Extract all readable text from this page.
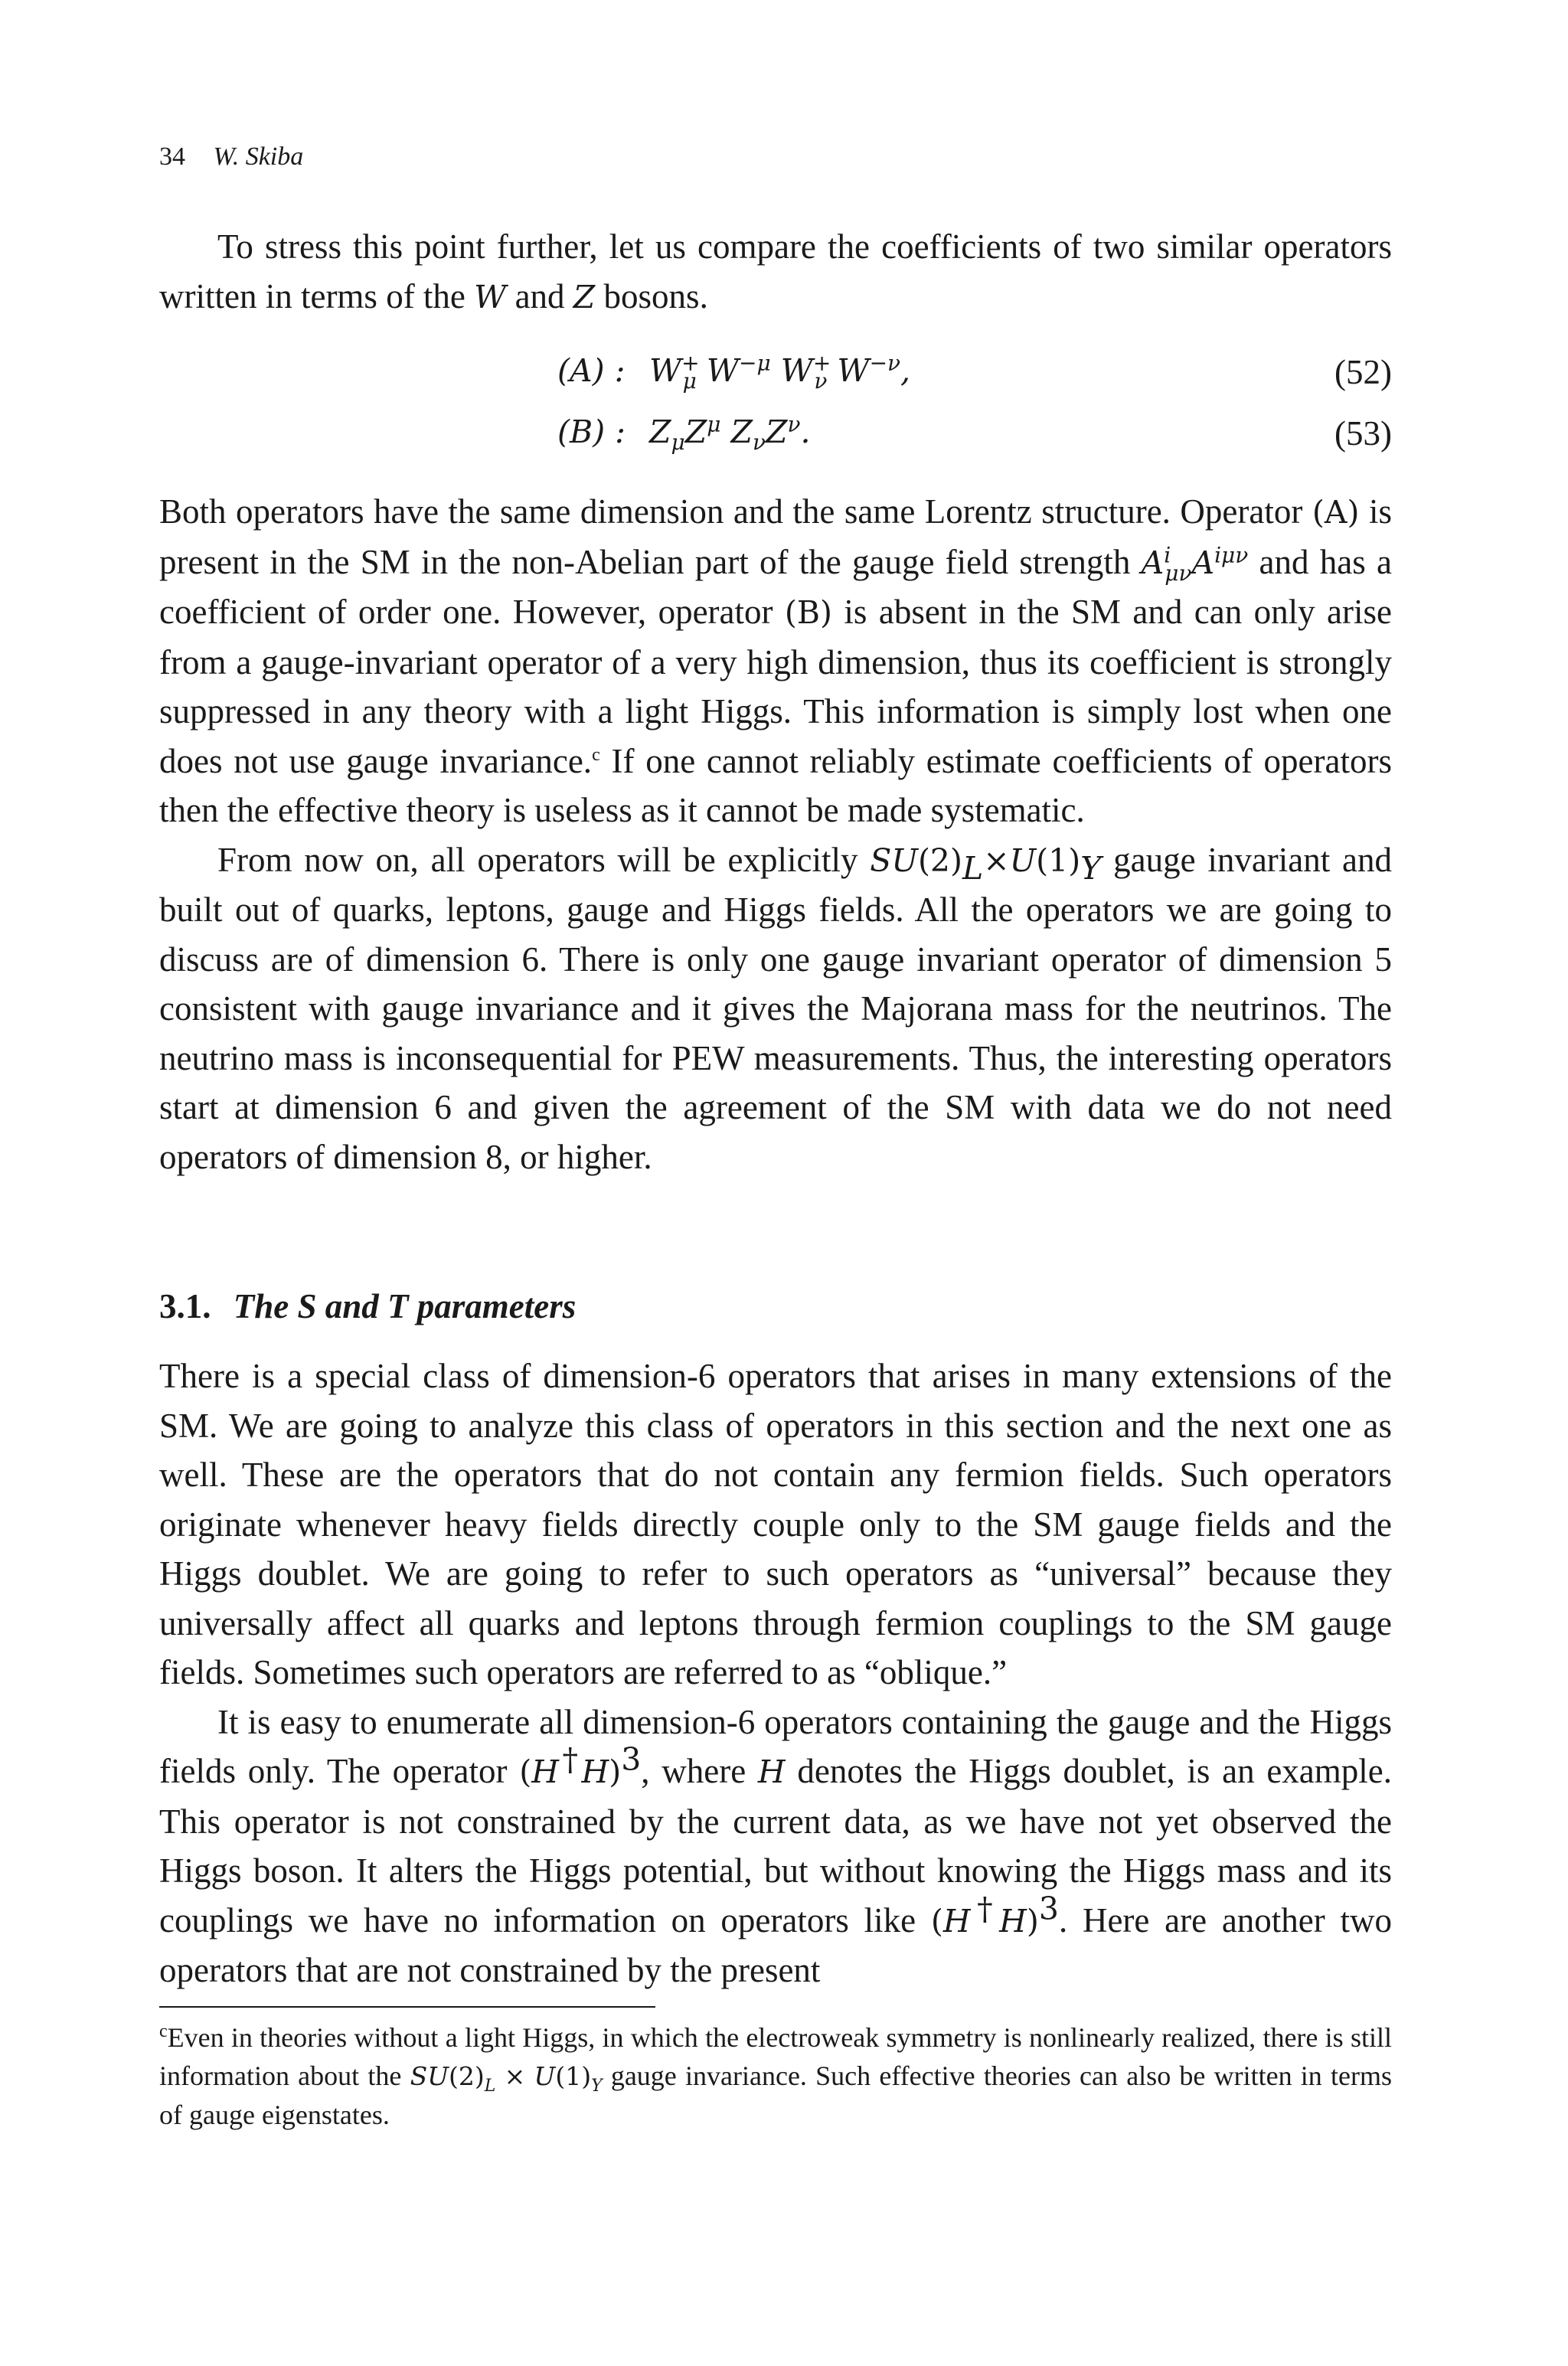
34 W. Skiba

To stress this point further, let us compare the coefficients of two similar operators written in terms of the W and Z bosons.

(A) : $W^+_\mu$ $W^{-\mu}$ $W^+_\nu$ $W^{-\nu}$,	(52)
(B) : $Z_\mu Z^\mu$ $Z_\nu Z^\nu$.	(53)

Both operators have the same dimension and the same Lorentz structure. Operator (A) is present in the SM in the non-Abelian part of the gauge field strength $A^i_{\mu\nu}A^{i\mu\nu}$ and has a coefficient of order one. However, operator (B) is absent in the SM and can only arise from a gauge-invariant operator of a very high dimension, thus its coefficient is strongly suppressed in any theory with a light Higgs. This information is simply lost when one does not use gauge invariance.$^c$ If one cannot reliably estimate coefficients of operators then the effective theory is useless as it cannot be made systematic.

From now on, all operators will be explicitly $SU(2)_L\times U(1)_Y$ gauge invariant and built out of quarks, leptons, gauge and Higgs fields. All the operators we are going to discuss are of dimension 6. There is only one gauge invariant operator of dimension 5 consistent with gauge invariance and it gives the Majorana mass for the neutrinos. The neutrino mass is inconsequential for PEW measurements. Thus, the interesting operators start at dimension 6 and given the agreement of the SM with data we do not need operators of dimension 8, or higher.

3.1. The S and T parameters

There is a special class of dimension-6 operators that arises in many extensions of the SM. We are going to analyze this class of operators in this section and the next one as well. These are the operators that do not contain any fermion fields. Such operators originate whenever heavy fields directly couple only to the SM gauge fields and the Higgs doublet. We are going to refer to such operators as “universal” because they universally affect all quarks and leptons through fermion couplings to the SM gauge fields. Sometimes such operators are referred to as “oblique.”

It is easy to enumerate all dimension-6 operators containing the gauge and the Higgs fields only. The operator $(H^\dagger H)^3$, where H denotes the Higgs doublet, is an example. This operator is not constrained by the current data, as we have not yet observed the Higgs boson. It alters the Higgs potential, but without knowing the Higgs mass and its couplings we have no information on operators like $(H^\dagger H)^3$. Here are another two operators that are not constrained by the present

$^c$Even in theories without a light Higgs, in which the electroweak symmetry is nonlinearly realized, there is still information about the $SU(2)_L \times U(1)_Y$ gauge invariance. Such effective theories can also be written in terms of gauge eigenstates.
